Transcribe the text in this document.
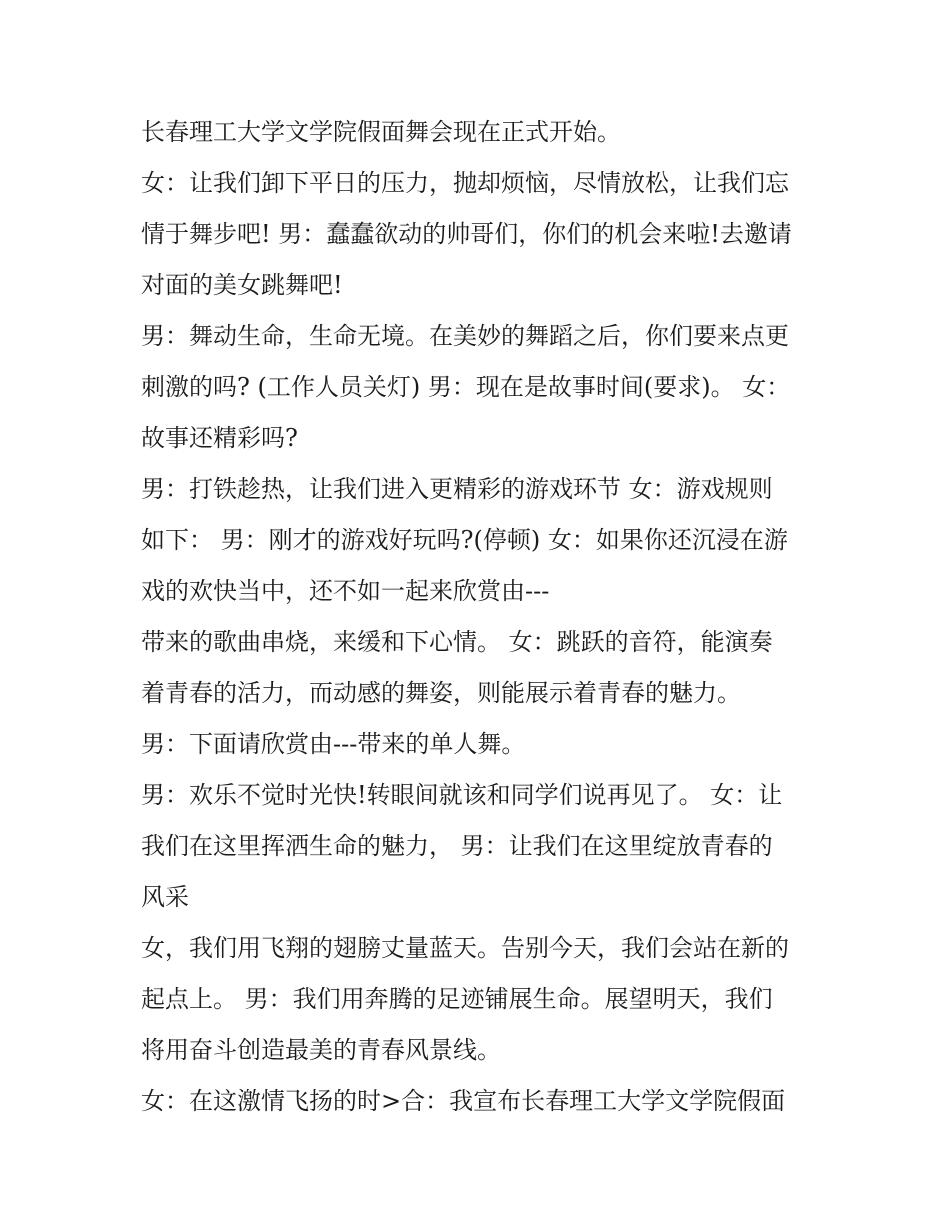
长春理工大学文学院假面舞会现在正式开始。
女：让我们卸下平日的压力，抛却烦恼，尽情放松，让我们忘
情于舞步吧! 男：蠢蠢欲动的帅哥们，你们的机会来啦!去邀请
对面的美女跳舞吧!
男：舞动生命，生命无境。在美妙的舞蹈之后，你们要来点更
刺激的吗? (工作人员关灯) 男：现在是故事时间(要求)。 女：
故事还精彩吗?
男：打铁趁热，让我们进入更精彩的游戏环节 女：游戏规则
如下： 男：刚才的游戏好玩吗?(停顿) 女：如果你还沉浸在游
戏的欢快当中，还不如一起来欣赏由---
带来的歌曲串烧，来缓和下心情。 女：跳跃的音符，能演奏
着青春的活力，而动感的舞姿，则能展示着青春的魅力。
男：下面请欣赏由---带来的单人舞。
男：欢乐不觉时光快!转眼间就该和同学们说再见了。 女：让
我们在这里挥洒生命的魅力， 男：让我们在这里绽放青春的
风采
女，我们用飞翔的翅膀丈量蓝天。告别今天，我们会站在新的
起点上。 男：我们用奔腾的足迹铺展生命。展望明天，我们
将用奋斗创造最美的青春风景线。
女：在这激情飞扬的时>合：我宣布长春理工大学文学院假面
